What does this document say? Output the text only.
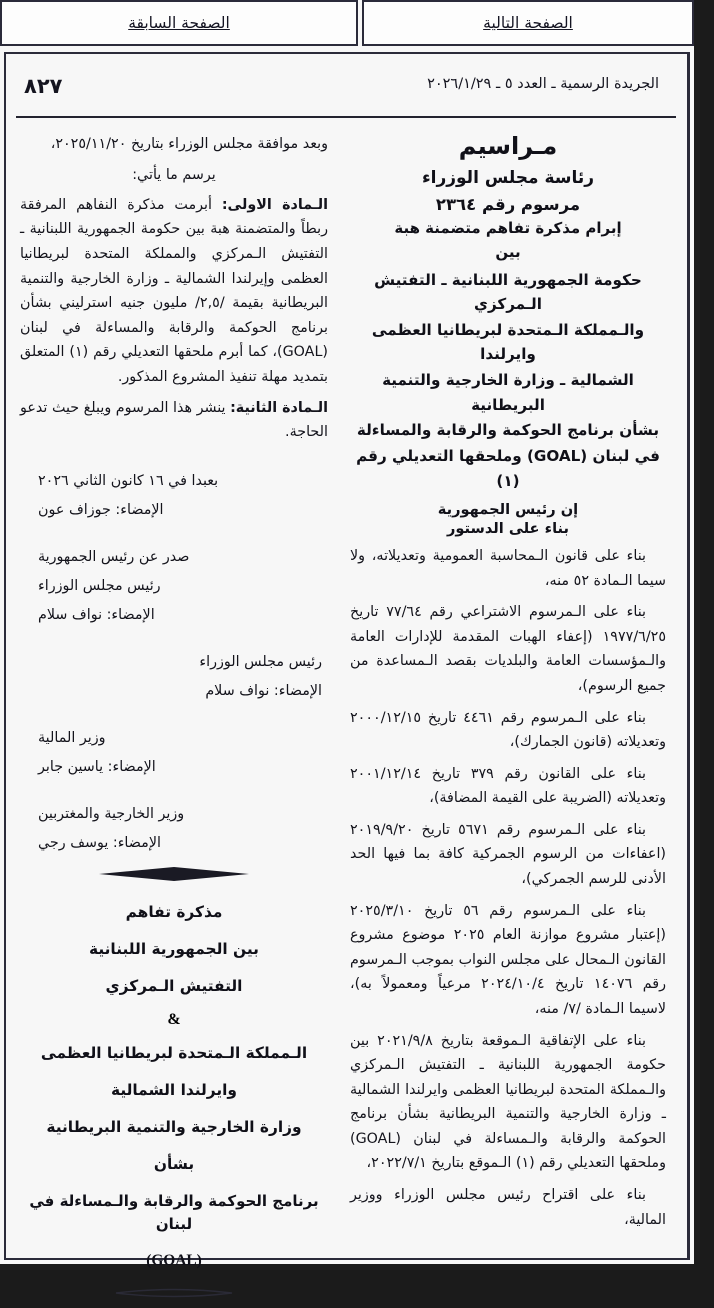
الصفحة التالية
الصفحة السابقة
الجريدة الرسمية ـ العدد ٥ ـ ٢٠٢٦/١/٢٩
٨٢٧
مـراسيم
رئاسة مجلس الوزراء
مرسوم رقم ٢٣٦٤
إبرام مذكرة تفاهم متضمنة هبة
بين
حكومة الجمهورية اللبنانية ـ التفتيش الـمركزي
والـمملكة الـمتحدة لبريطانيا العظمى وايرلندا
الشمالية ـ وزارة الخارجية والتنمية البريطانية
بشأن برنامج الحوكمة والرقابة والمساءلة
في لبنان (GOAL) وملحقها التعديلي رقم (١)
إن رئيس الجمهورية
بناء على الدستور
بناء على قانون الـمحاسبة العمومية وتعديلاته، ولا سيما الـمادة ٥٢ منه،
بناء على الـمرسوم الاشتراعي رقم ٧٧/٦٤ تاريخ ١٩٧٧/٦/٢٥ (إعفاء الهبات المقدمة للإدارات العامة والـمؤسسات العامة والبلديات بقصد الـمساعدة من جميع الرسوم)،
بناء على الـمرسوم رقم ٤٤٦١ تاريخ ٢٠٠٠/١٢/١٥ وتعديلاته (قانون الجمارك)،
بناء على القانون رقم ٣٧٩ تاريخ ٢٠٠١/١٢/١٤ وتعديلاته (الضريبة على القيمة المضافة)،
بناء على الـمرسوم رقم ٥٦٧١ تاريخ ٢٠١٩/٩/٢٠ (اعفاءات من الرسوم الجمركية كافة بما فيها الحد الأدنى للرسم الجمركي)،
بناء على الـمرسوم رقم ٥٦ تاريخ ٢٠٢٥/٣/١٠ (إعتبار مشروع موازنة العام ٢٠٢٥ موضوع مشروع القانون الـمحال على مجلس النواب بموجب الـمرسوم رقم ١٤٠٧٦ تاريخ ٢٠٢٤/١٠/٤ مرعياً ومعمولاً به)، لاسيما الـمادة /٧/ منه،
بناء على الإتفاقية الـموقعة بتاريخ ٢٠٢١/٩/٨ بين حكومة الجمهورية اللبنانية ـ التفتيش الـمركزي والـمملكة المتحدة لبريطانيا العظمى وايرلندا الشمالية ـ وزارة الخارجية والتنمية البريطانية بشأن برنامج الحوكمة والرقابة والـمساءلة في لبنان (GOAL) وملحقها التعديلي رقم (١) الـموقع بتاريخ ٢٠٢٢/٧/١،
بناء على اقتراح رئيس مجلس الوزراء ووزير المالية،
وبعد موافقة مجلس الوزراء بتاريخ ٢٠٢٥/١١/٢٠،
يرسم ما يأتي:
الـمادة الاولى: أبرمت مذكرة النفاهم المرفقة ربطاً والمتضمنة هبة بين حكومة الجمهورية اللبنانية ـ التفتيش الـمركزي والمملكة المتحدة لبريطانيا العظمى وإيرلندا الشمالية ـ وزارة الخارجية والتنمية البريطانية بقيمة /٢,٥/ مليون جنيه استرليني بشأن برنامج الحوكمة والرقابة والمساءلة في لبنان (GOAL)، كما أبرم ملحقها التعديلي رقم (١) المتعلق بتمديد مهلة تنفيذ المشروع المذكور.
الـمادة الثانية: ينشر هذا المرسوم ويبلغ حيث تدعو الحاجة.
بعبدا في ١٦ كانون الثاني ٢٠٢٦
الإمضاء: جوزاف عون
صدر عن رئيس الجمهورية
رئيس مجلس الوزراء
الإمضاء: نواف سلام
رئيس مجلس الوزراء
الإمضاء: نواف سلام
وزير المالية
الإمضاء: ياسين جابر
وزير الخارجية والمغتربين
الإمضاء: يوسف رجي
مذكرة تفاهم
بين الجمهورية اللبنانية
التفتيش الـمركزي
&
الـمملكة الـمتحدة لبريطانيا العظمى
وايرلندا الشمالية
وزارة الخارجية والتنمية البريطانية
بشأن
برنامج الحوكمة والرقابة والـمساءلة في لبنان
(GOAL)
